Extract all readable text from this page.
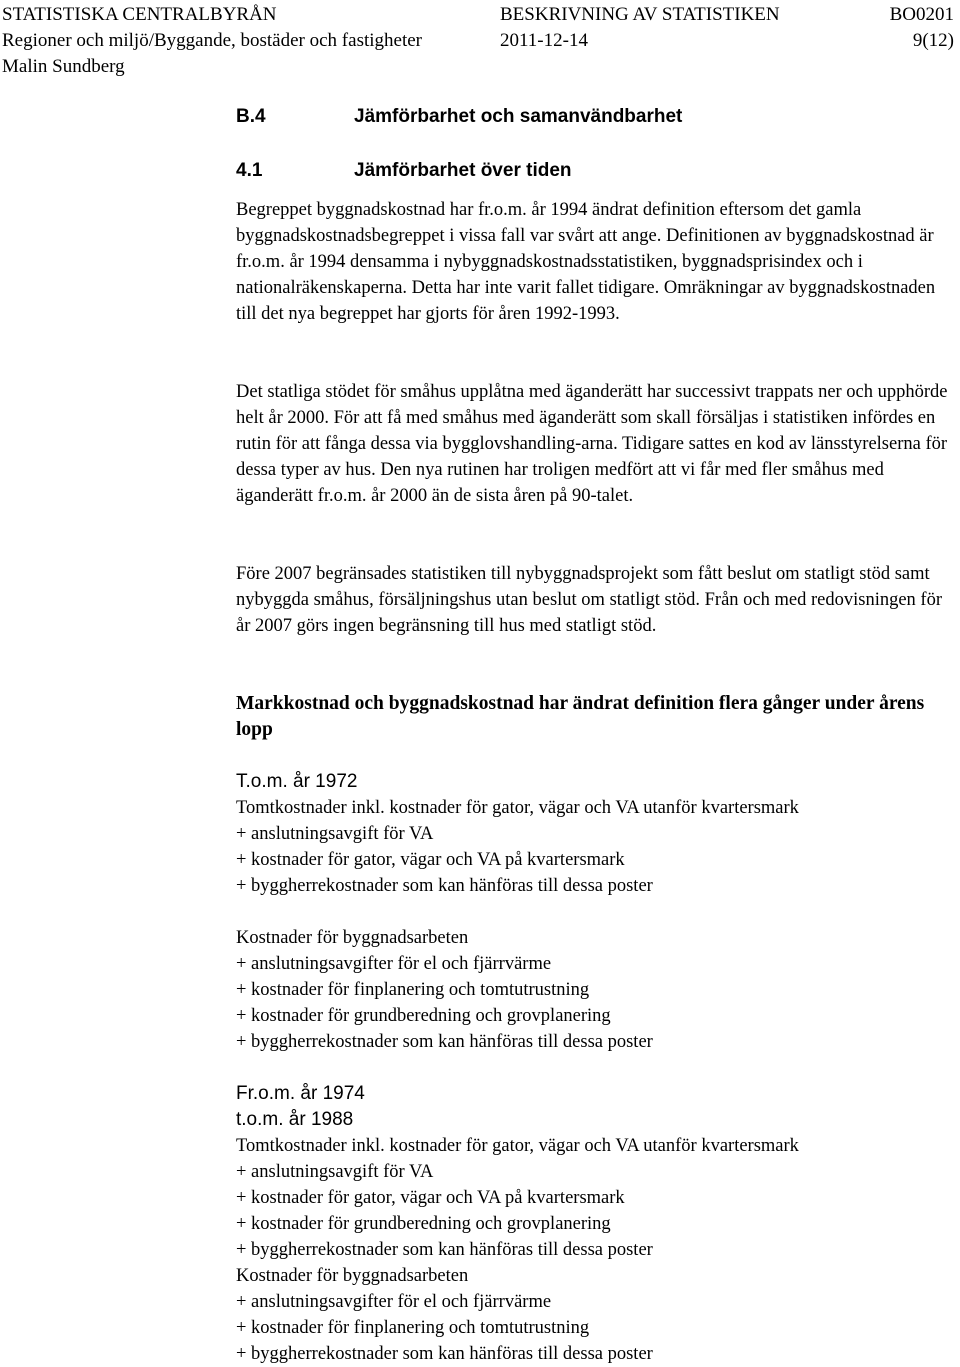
STATISTISKA CENTRALBYRÅN	BESKRIVNING AV STATISTIKEN	BO0201
Regioner och miljö/Byggande, bostäder och fastigheter	2011-12-14	9(12)
Malin Sundberg
B.4	Jämförbarhet och samanvändbarhet
4.1	Jämförbarhet över tiden

Begreppet byggnadskostnad har fr.o.m. år 1994 ändrat definition eftersom det gamla byggnadskostnadsbegreppet i vissa fall var svårt att ange. Definitionen av byggnadskostnad är fr.o.m. år 1994 densamma i nybyggnadskostnadsstatistiken, byggnadsprisindex och i nationalräkenskaperna. Detta har inte varit fallet tidigare. Omräkningar av byggnadskostnaden till det nya begreppet har gjorts för åren 1992-1993.

Det statliga stödet för småhus upplåtna med äganderätt har successivt trappats ner och upphörde helt år 2000. För att få med småhus med äganderätt som skall försäljas i statistiken infördes en rutin för att fånga dessa via bygglovshandling-arna. Tidigare sattes en kod av länsstyrelserna för dessa typer av hus. Den nya rutinen har troligen medfört att vi får med fler småhus med äganderätt fr.o.m. år 2000 än de sista åren på 90-talet.

Före 2007 begränsades statistiken till nybyggnadsprojekt som fått beslut om statligt stöd samt nybyggda småhus, försäljningshus utan beslut om statligt stöd. Från och med redovisningen för år 2007 görs ingen begränsning till hus med statligt stöd.

Markkostnad och byggnadskostnad har ändrat definition flera gånger under årens lopp

T.o.m. år 1972

Tomtkostnader inkl. kostnader för gator, vägar och VA utanför kvartersmark

+ anslutningsavgift för VA

+ kostnader för gator, vägar och VA på kvartersmark

+ byggherrekostnader som kan hänföras till dessa poster

Kostnader för byggnadsarbeten

+ anslutningsavgifter för el och fjärrvärme

+ kostnader för finplanering och tomtutrustning

+ kostnader för grundberedning och grovplanering

+ byggherrekostnader som kan hänföras till dessa poster

Fr.o.m. år 1974

t.o.m. år 1988

Tomtkostnader inkl. kostnader för gator, vägar och VA utanför kvartersmark

+ anslutningsavgift för VA

+ kostnader för gator, vägar och VA på kvartersmark

+ kostnader för grundberedning och grovplanering

+ byggherrekostnader som kan hänföras till dessa poster

Kostnader för byggnadsarbeten

+ anslutningsavgifter för el och fjärrvärme

+ kostnader för finplanering och tomtutrustning

+ byggherrekostnader som kan hänföras till dessa poster
